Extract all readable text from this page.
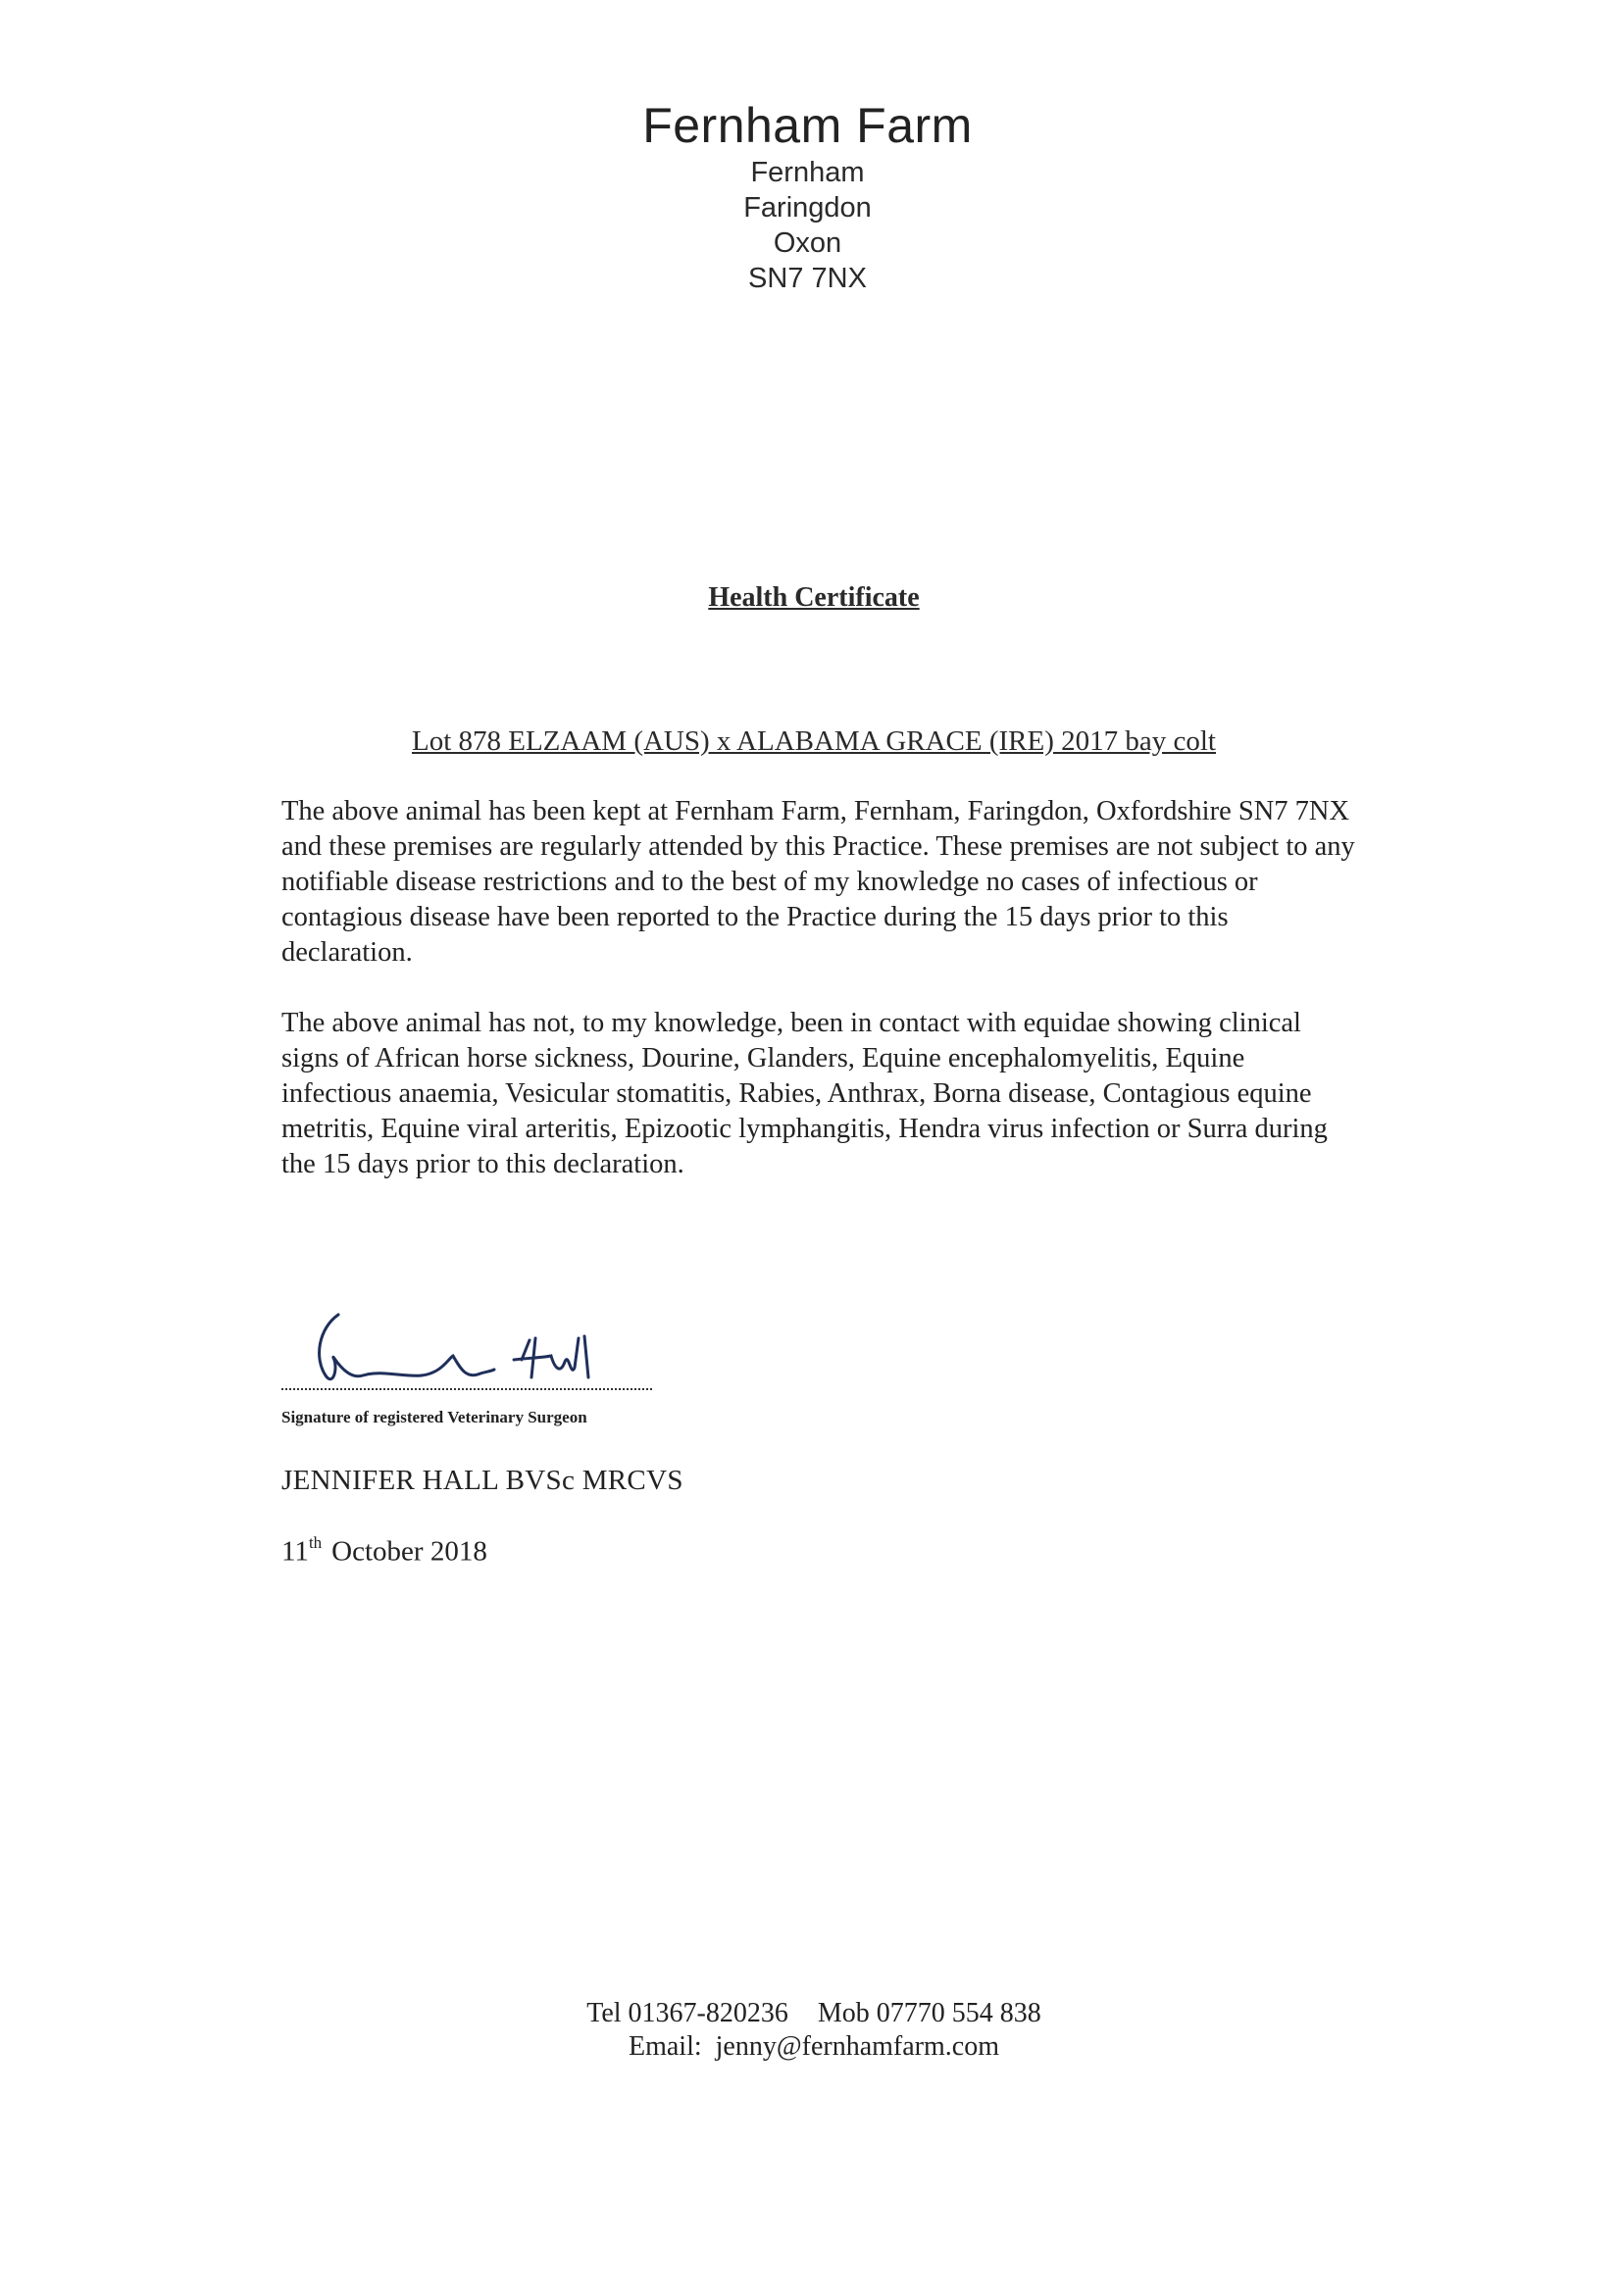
Fernham Farm
Fernham
Faringdon
Oxon
SN7 7NX
Health Certificate
Lot 878 ELZAAM (AUS) x ALABAMA GRACE (IRE) 2017 bay colt
The above animal has been kept at Fernham Farm, Fernham, Faringdon, Oxfordshire SN7 7NX and these premises are regularly attended by this Practice. These premises are not subject to any notifiable disease restrictions and to the best of my knowledge no cases of infectious or contagious disease have been reported to the Practice during the 15 days prior to this declaration.
The above animal has not, to my knowledge, been in contact with equidae showing clinical signs of African horse sickness, Dourine, Glanders, Equine encephalomyelitis, Equine infectious anaemia, Vesicular stomatitis, Rabies, Anthrax, Borna disease, Contagious equine metritis, Equine viral arteritis, Epizootic lymphangitis, Hendra virus infection or Surra during the 15 days prior to this declaration.
Signature of registered Veterinary Surgeon
JENNIFER HALL BVSc MRCVS
11th October 2018
Tel 01367-820236 Mob 07770 554 838
Email: jenny@fernhamfarm.com
